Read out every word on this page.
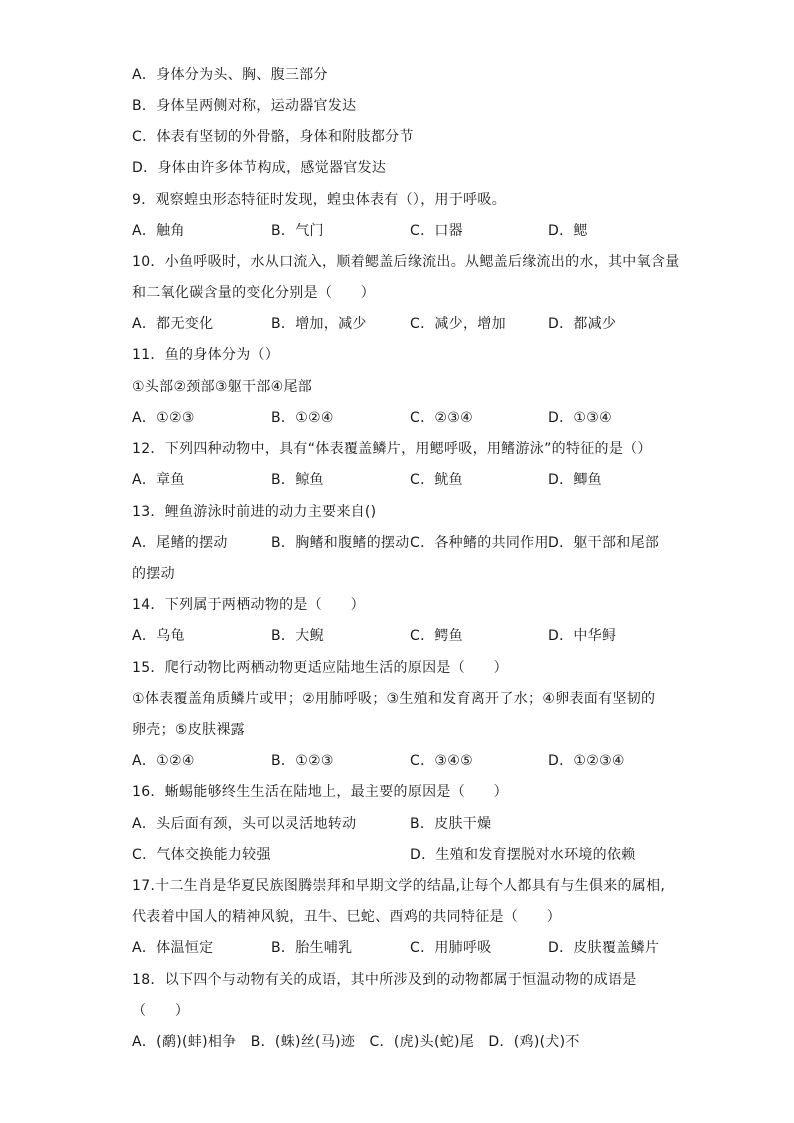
A．身体分为头、胸、腹三部分
B．身体呈两侧对称，运动器官发达
C．体表有坚韧的外骨骼，身体和附肢都分节
D．身体由许多体节构成，感觉器官发达
9．观察蝗虫形态特征时发现，蝗虫体表有（），用于呼吸。
A．触角	B．气门	C．口器	D．鳃
10．小鱼呼吸时，水从口流入，顺着鳃盖后缘流出。从鳃盖后缘流出的水，其中氧含量
和二氧化碳含量的变化分别是（　　）
A．都无变化	B．增加，减少	C．减少，增加	D．都减少
11．鱼的身体分为（）
①头部②颈部③躯干部④尾部
A．①②③	B．①②④	C．②③④	D．①③④
12．下列四种动物中，具有“体表覆盖鳞片，用鳃呼吸，用鳍游泳”的特征的是（）
A．章鱼	B．鲸鱼	C．鱿鱼	D．鲫鱼
13．鲤鱼游泳时前进的动力主要来自()
A．尾鳍的摆动	B．胸鳍和腹鳍的摆动 C．各种鳍的共同作用 D．躯干部和尾部
的摆动
14．下列属于两栖动物的是（　　）
A．乌龟	B．大鲵	C．鳄鱼	D．中华鲟
15．爬行动物比两栖动物更适应陆地生活的原因是（　　）
①体表覆盖角质鳞片或甲；②用肺呼吸；③生殖和发育离开了水；④卵表面有坚韧的
卵壳；⑤皮肤裸露
A．①②④	B．①②③	C．③④⑤	D．①②③④
16．蜥蜴能够终生生活在陆地上，最主要的原因是（　　）
A．头后面有颈，头可以灵活地转动	B．皮肤干燥
C．气体交换能力较强	D．生殖和发育摆脱对水环境的依赖
17.十二生肖是华夏民族图腾崇拜和早期文学的结晶,让每个人都具有与生俱来的属相,
代表着中国人的精神风貌，丑牛、巳蛇、酉鸡的共同特征是（　　）
A．体温恒定	B．胎生哺乳	C．用肺呼吸	D．皮肤覆盖鳞片
18．以下四个与动物有关的成语，其中所涉及到的动物都属于恒温动物的成语是
（　　）
A．(鹬)(蚌)相争　B．(蛛)丝(马)迹　C．(虎)头(蛇)尾　D．(鸡)(犬)不
